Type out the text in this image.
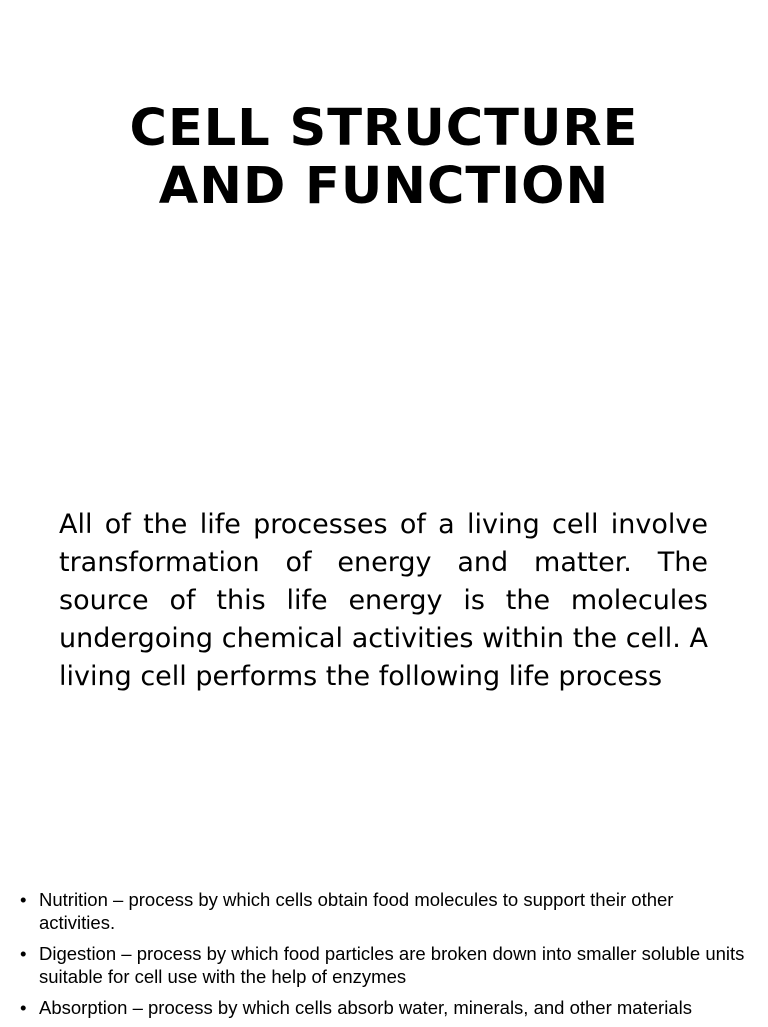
CELL STRUCTURE
AND FUNCTION

All of the life processes of a living cell involve transformation of energy and matter. The source of this life energy is the molecules undergoing chemical activities within the cell. A living cell performs the following life process

• Nutrition – process by which cells obtain food molecules to support their other activities.
• Digestion – process by which food particles are broken down into smaller soluble units suitable for cell use with the help of enzymes
• Absorption – process by which cells absorb water, minerals, and other materials
